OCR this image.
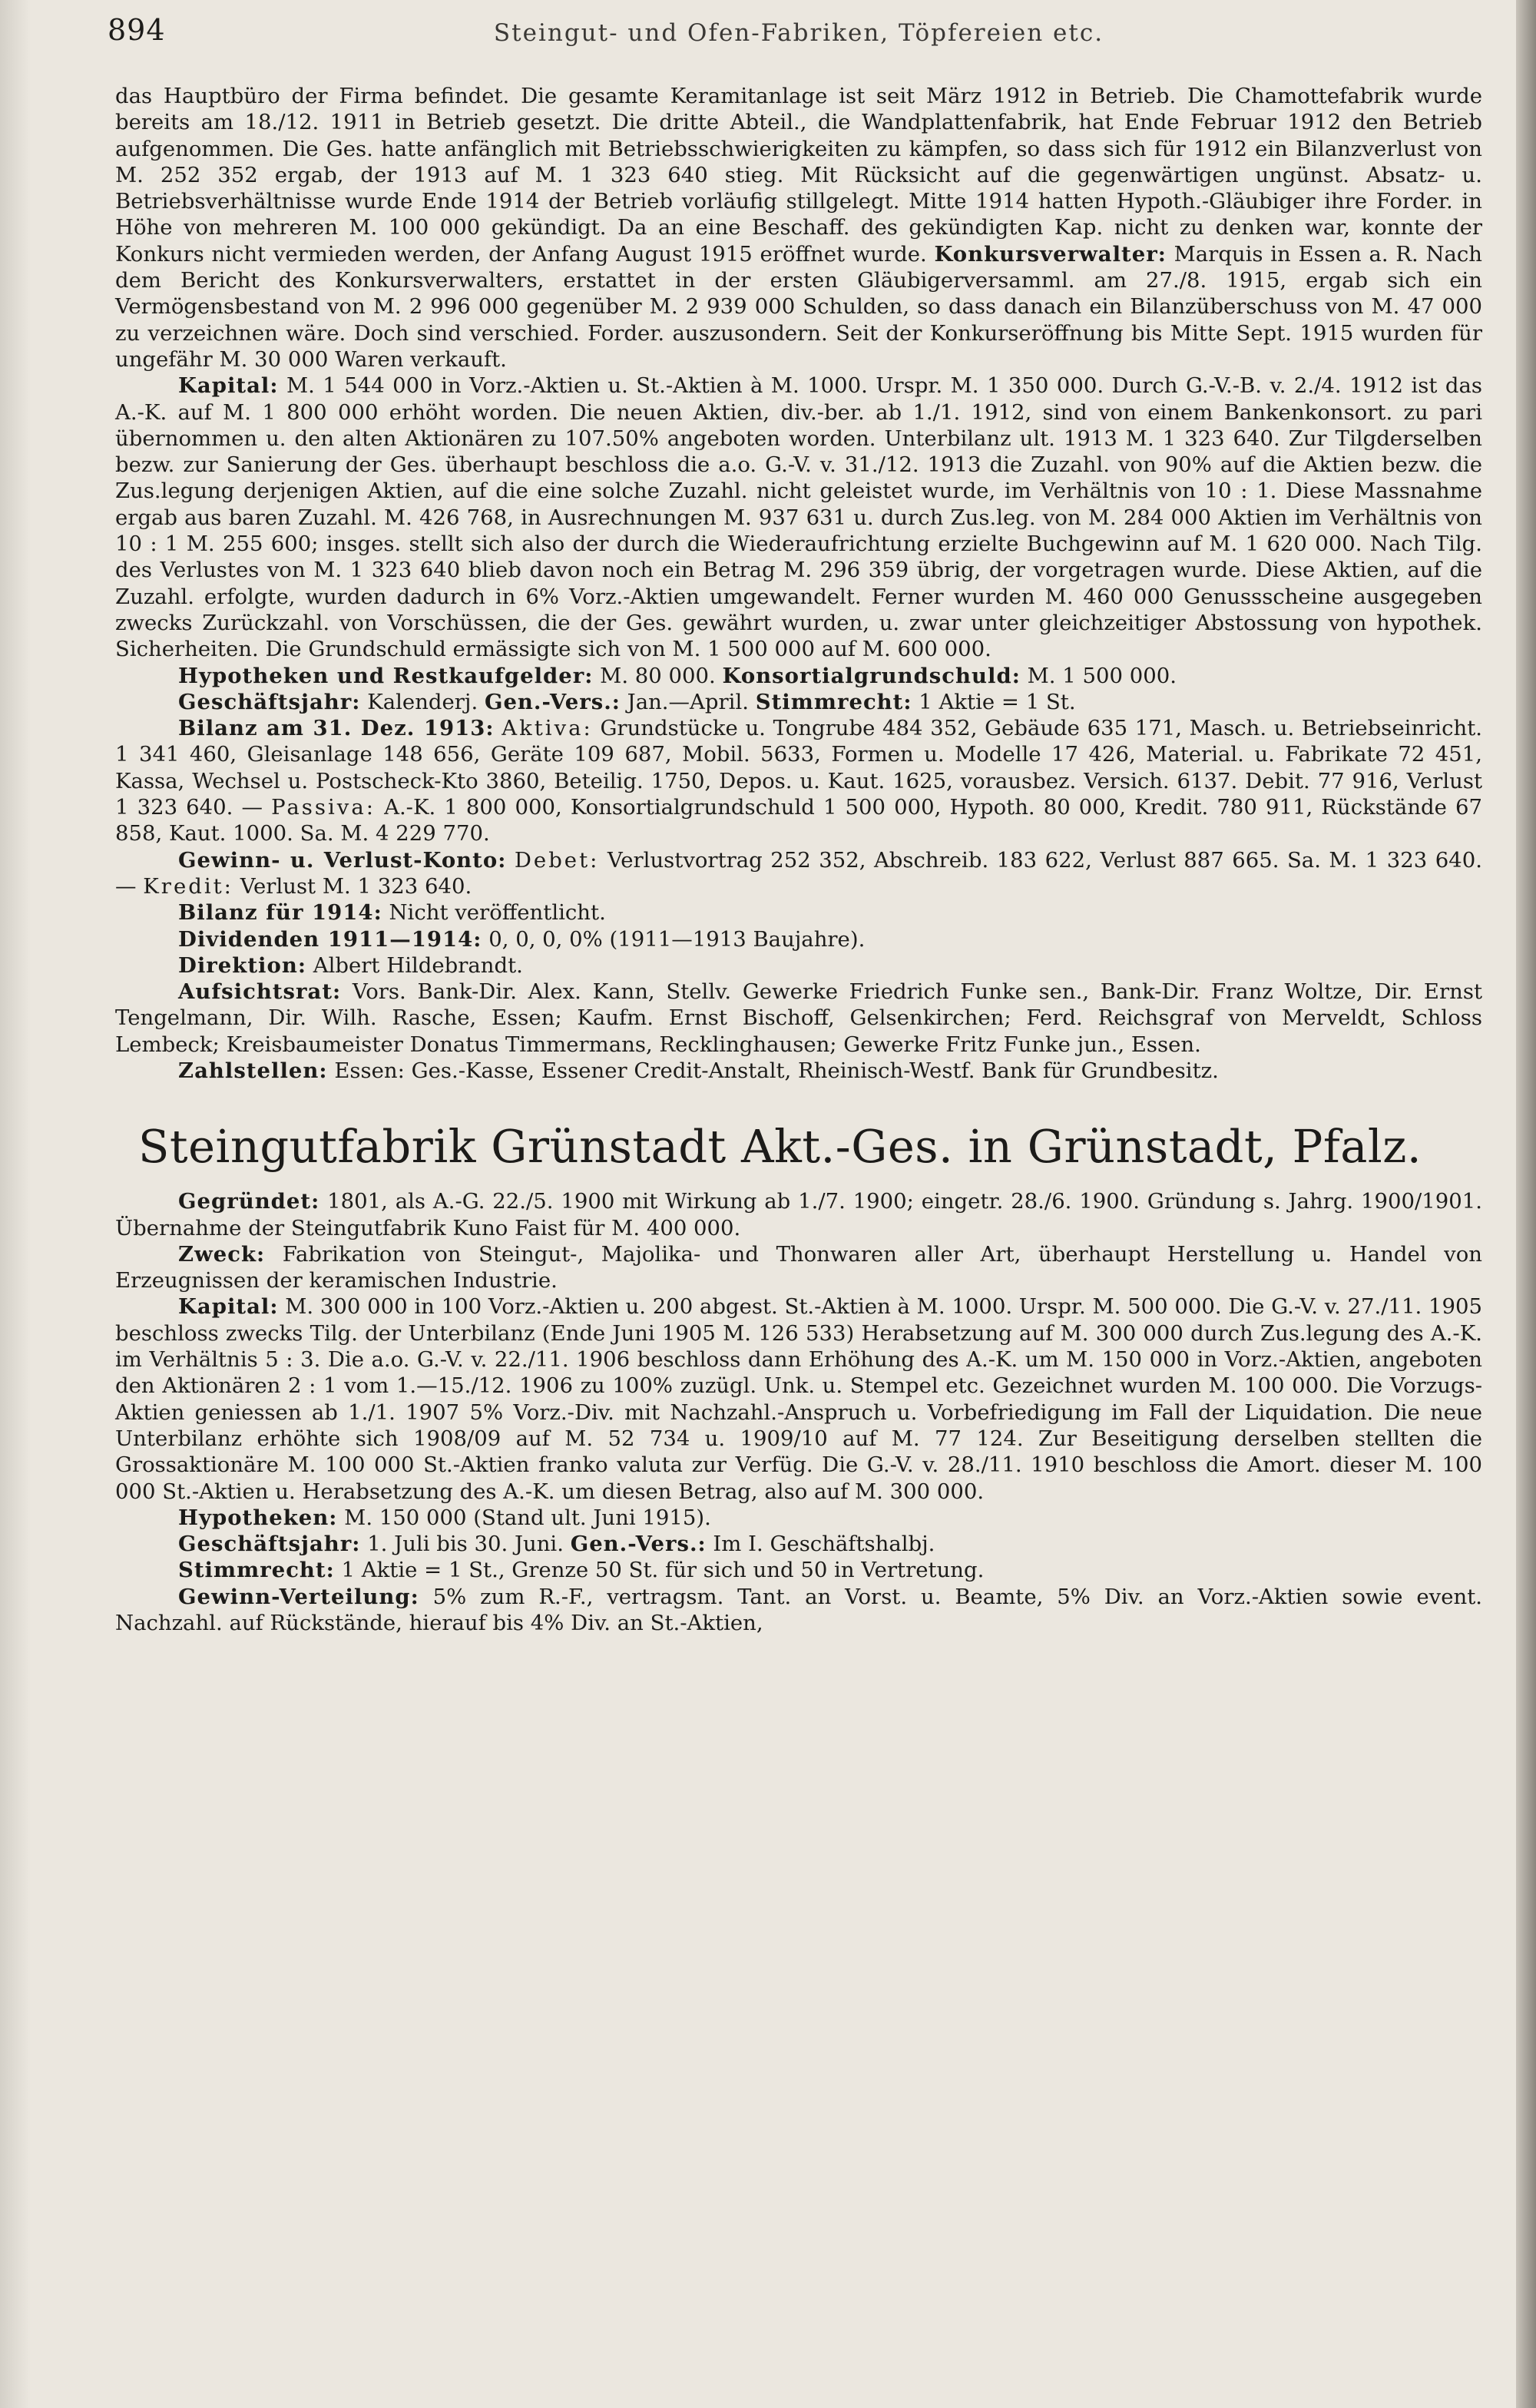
894	Steingut- und Ofen-Fabriken, Töpfereien etc.

das Hauptbüro der Firma befindet. Die gesamte Keramitanlage ist seit März 1912 in Betrieb. Die Chamottefabrik wurde bereits am 18./12. 1911 in Betrieb gesetzt. Die dritte Abteil., die Wandplattenfabrik, hat Ende Februar 1912 den Betrieb aufgenommen. Die Ges. hatte anfänglich mit Betriebsschwierigkeiten zu kämpfen, so dass sich für 1912 ein Bilanzverlust von M. 252 352 ergab, der 1913 auf M. 1 323 640 stieg. Mit Rücksicht auf die gegenwärtigen ungünst. Absatz- u. Betriebsverhältnisse wurde Ende 1914 der Betrieb vorläufig stillgelegt. Mitte 1914 hatten Hypoth.-Gläubiger ihre Forder. in Höhe von mehreren M. 100 000 gekündigt. Da an eine Beschaff. des gekündigten Kap. nicht zu denken war, konnte der Konkurs nicht vermieden werden, der Anfang August 1915 eröffnet wurde. Konkursverwalter: Marquis in Essen a. R. Nach dem Bericht des Konkursverwalters, erstattet in der ersten Gläubigerversamml. am 27./8. 1915, ergab sich ein Vermögensbestand von M. 2 996 000 gegenüber M. 2 939 000 Schulden, so dass danach ein Bilanzüberschuss von M. 47 000 zu verzeichnen wäre. Doch sind verschied. Forder. auszusondern. Seit der Konkurseröffnung bis Mitte Sept. 1915 wurden für ungefähr M. 30 000 Waren verkauft.

Kapital: M. 1 544 000 in Vorz.-Aktien u. St.-Aktien à M. 1000. Urspr. M. 1 350 000. Durch G.-V.-B. v. 2./4. 1912 ist das A.-K. auf M. 1 800 000 erhöht worden. Die neuen Aktien, div.-ber. ab 1./1. 1912, sind von einem Bankenkonsort. zu pari übernommen u. den alten Aktionären zu 107.50% angeboten worden. Unterbilanz ult. 1913 M. 1 323 640. Zur Tilgderselben bezw. zur Sanierung der Ges. überhaupt beschloss die a.o. G.-V. v. 31./12. 1913 die Zuzahl. von 90% auf die Aktien bezw. die Zus.legung derjenigen Aktien, auf die eine solche Zuzahl. nicht geleistet wurde, im Verhältnis von 10 : 1. Diese Massnahme ergab aus baren Zuzahl. M. 426 768, in Ausrechnungen M. 937 631 u. durch Zus.leg. von M. 284 000 Aktien im Verhältnis von 10 : 1 M. 255 600; insges. stellt sich also der durch die Wiederaufrichtung erzielte Buchgewinn auf M. 1 620 000. Nach Tilg. des Verlustes von M. 1 323 640 blieb davon noch ein Betrag M. 296 359 übrig, der vorgetragen wurde. Diese Aktien, auf die Zuzahl. erfolgte, wurden dadurch in 6% Vorz.-Aktien umgewandelt. Ferner wurden M. 460 000 Genussscheine ausgegeben zwecks Zurückzahl. von Vorschüssen, die der Ges. gewährt wurden, u. zwar unter gleichzeitiger Abstossung von hypothek. Sicherheiten. Die Grundschuld ermässigte sich von M. 1 500 000 auf M. 600 000.

Hypotheken und Restkaufgelder: M. 80 000. Konsortialgrundschuld: M. 1 500 000.

Geschäftsjahr: Kalenderj. Gen.-Vers.: Jan.—April. Stimmrecht: 1 Aktie = 1 St.

Bilanz am 31. Dez. 1913: Aktiva: Grundstücke u. Tongrube 484 352, Gebäude 635 171, Masch. u. Betriebseinricht. 1 341 460, Gleisanlage 148 656, Geräte 109 687, Mobil. 5633, Formen u. Modelle 17 426, Material. u. Fabrikate 72 451, Kassa, Wechsel u. Postscheck-Kto 3860, Beteilig. 1750, Depos. u. Kaut. 1625, vorausbez. Versich. 6137. Debit. 77 916, Verlust 1 323 640. — Passiva: A.-K. 1 800 000, Konsortialgrundschuld 1 500 000, Hypoth. 80 000, Kredit. 780 911, Rückstände 67 858, Kaut. 1000. Sa. M. 4 229 770.

Gewinn- u. Verlust-Konto: Debet: Verlustvortrag 252 352, Abschreib. 183 622, Verlust 887 665. Sa. M. 1 323 640. — Kredit: Verlust M. 1 323 640.

Bilanz für 1914: Nicht veröffentlicht.

Dividenden 1911—1914: 0, 0, 0, 0% (1911—1913 Baujahre).

Direktion: Albert Hildebrandt.

Aufsichtsrat: Vors. Bank-Dir. Alex. Kann, Stellv. Gewerke Friedrich Funke sen., Bank-Dir. Franz Woltze, Dir. Ernst Tengelmann, Dir. Wilh. Rasche, Essen; Kaufm. Ernst Bischoff, Gelsenkirchen; Ferd. Reichsgraf von Merveldt, Schloss Lembeck; Kreisbaumeister Donatus Timmermans, Recklinghausen; Gewerke Fritz Funke jun., Essen.

Zahlstellen: Essen: Ges.-Kasse, Essener Credit-Anstalt, Rheinisch-Westf. Bank für Grundbesitz.

Steingutfabrik Grünstadt Akt.-Ges. in Grünstadt, Pfalz.

Gegründet: 1801, als A.-G. 22./5. 1900 mit Wirkung ab 1./7. 1900; eingetr. 28./6. 1900. Gründung s. Jahrg. 1900/1901. Übernahme der Steingutfabrik Kuno Faist für M. 400 000.

Zweck: Fabrikation von Steingut-, Majolika- und Thonwaren aller Art, überhaupt Herstellung u. Handel von Erzeugnissen der keramischen Industrie.

Kapital: M. 300 000 in 100 Vorz.-Aktien u. 200 abgest. St.-Aktien à M. 1000. Urspr. M. 500 000. Die G.-V. v. 27./11. 1905 beschloss zwecks Tilg. der Unterbilanz (Ende Juni 1905 M. 126 533) Herabsetzung auf M. 300 000 durch Zus.legung des A.-K. im Verhältnis 5 : 3. Die a.o. G.-V. v. 22./11. 1906 beschloss dann Erhöhung des A.-K. um M. 150 000 in Vorz.-Aktien, angeboten den Aktionären 2 : 1 vom 1.—15./12. 1906 zu 100% zuzügl. Unk. u. Stempel etc. Gezeichnet wurden M. 100 000. Die Vorzugs-Aktien geniessen ab 1./1. 1907 5% Vorz.-Div. mit Nachzahl.-Anspruch u. Vorbefriedigung im Fall der Liquidation. Die neue Unterbilanz erhöhte sich 1908/09 auf M. 52 734 u. 1909/10 auf M. 77 124. Zur Beseitigung derselben stellten die Grossaktionäre M. 100 000 St.-Aktien franko valuta zur Verfüg. Die G.-V. v. 28./11. 1910 beschloss die Amort. dieser M. 100 000 St.-Aktien u. Herabsetzung des A.-K. um diesen Betrag, also auf M. 300 000.

Hypotheken: M. 150 000 (Stand ult. Juni 1915).

Geschäftsjahr: 1. Juli bis 30. Juni. Gen.-Vers.: Im I. Geschäftshalbj.

Stimmrecht: 1 Aktie = 1 St., Grenze 50 St. für sich und 50 in Vertretung.

Gewinn-Verteilung: 5% zum R.-F., vertragsm. Tant. an Vorst. u. Beamte, 5% Div. an Vorz.-Aktien sowie event. Nachzahl. auf Rückstände, hierauf bis 4% Div. an St.-Aktien,
